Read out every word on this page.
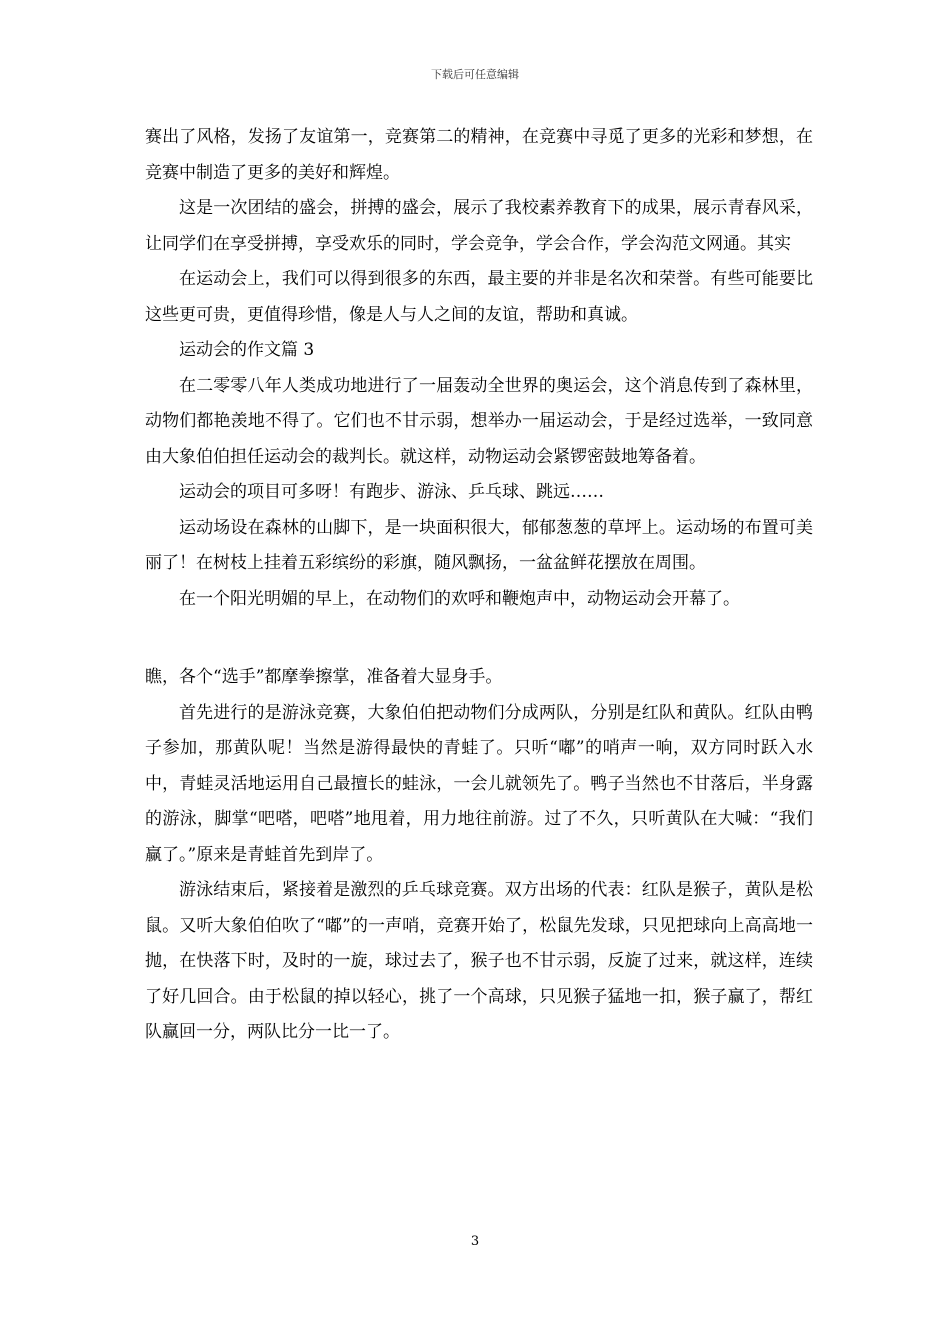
下载后可任意编辑

赛出了风格，发扬了友谊第一，竞赛第二的精神，在竞赛中寻觅了更多的光彩和梦想，在竞赛中制造了更多的美好和辉煌。

这是一次团结的盛会，拼搏的盛会，展示了我校素养教育下的成果，展示青春风采，让同学们在享受拼搏，享受欢乐的同时，学会竞争，学会合作，学会沟范文网通。其实

在运动会上，我们可以得到很多的东西，最主要的并非是名次和荣誉。有些可能要比这些更可贵，更值得珍惜，像是人与人之间的友谊，帮助和真诚。

运动会的作文篇 3

在二零零八年人类成功地进行了一届轰动全世界的奥运会，这个消息传到了森林里，动物们都艳羡地不得了。它们也不甘示弱，想举办一届运动会，于是经过选举，一致同意由大象伯伯担任运动会的裁判长。就这样，动物运动会紧锣密鼓地筹备着。

运动会的项目可多呀！有跑步、游泳、乒乓球、跳远……

运动场设在森林的山脚下，是一块面积很大，郁郁葱葱的草坪上。运动场的布置可美丽了！在树枝上挂着五彩缤纷的彩旗，随风飘扬，一盆盆鲜花摆放在周围。

在一个阳光明媚的早上，在动物们的欢呼和鞭炮声中，动物运动会开幕了。

瞧，各个“选手”都摩拳擦掌，准备着大显身手。

首先进行的是游泳竞赛，大象伯伯把动物们分成两队，分别是红队和黄队。红队由鸭子参加，那黄队呢！当然是游得最快的青蛙了。只听“嘟”的哨声一响，双方同时跃入水中，青蛙灵活地运用自己最擅长的蛙泳，一会儿就领先了。鸭子当然也不甘落后，半身露的游泳，脚掌“吧嗒，吧嗒”地甩着，用力地往前游。过了不久，只听黄队在大喊：“我们赢了。”原来是青蛙首先到岸了。

游泳结束后，紧接着是激烈的乒乓球竞赛。双方出场的代表：红队是猴子，黄队是松鼠。又听大象伯伯吹了“嘟”的一声哨，竞赛开始了，松鼠先发球，只见把球向上高高地一抛，在快落下时，及时的一旋，球过去了，猴子也不甘示弱，反旋了过来，就这样，连续了好几回合。由于松鼠的掉以轻心，挑了一个高球，只见猴子猛地一扣，猴子赢了，帮红队赢回一分，两队比分一比一了。

3
